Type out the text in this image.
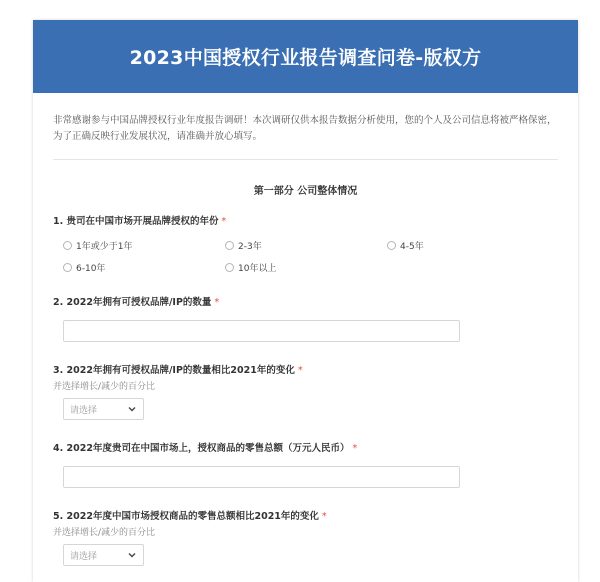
2023中国授权行业报告调查问卷-版权方
非常感谢参与中国品牌授权行业年度报告调研！本次调研仅供本报告数据分析使用，您的个人及公司信息将被严格保密，为了正确反映行业发展状况，请准确并放心填写。
第一部分 公司整体情况
1. 贵司在中国市场开展品牌授权的年份 *
1年或少于1年	2-3年	4-5年
6-10年	10年以上
2. 2022年拥有可授权品牌/IP的数量 *
3. 2022年拥有可授权品牌/IP的数量相比2021年的变化 *
并选择增长/减少的百分比
请选择
4. 2022年度贵司在中国市场上，授权商品的零售总额（万元人民币） *
5. 2022年度中国市场授权商品的零售总额相比2021年的变化 *
并选择增长/减少的百分比
请选择
